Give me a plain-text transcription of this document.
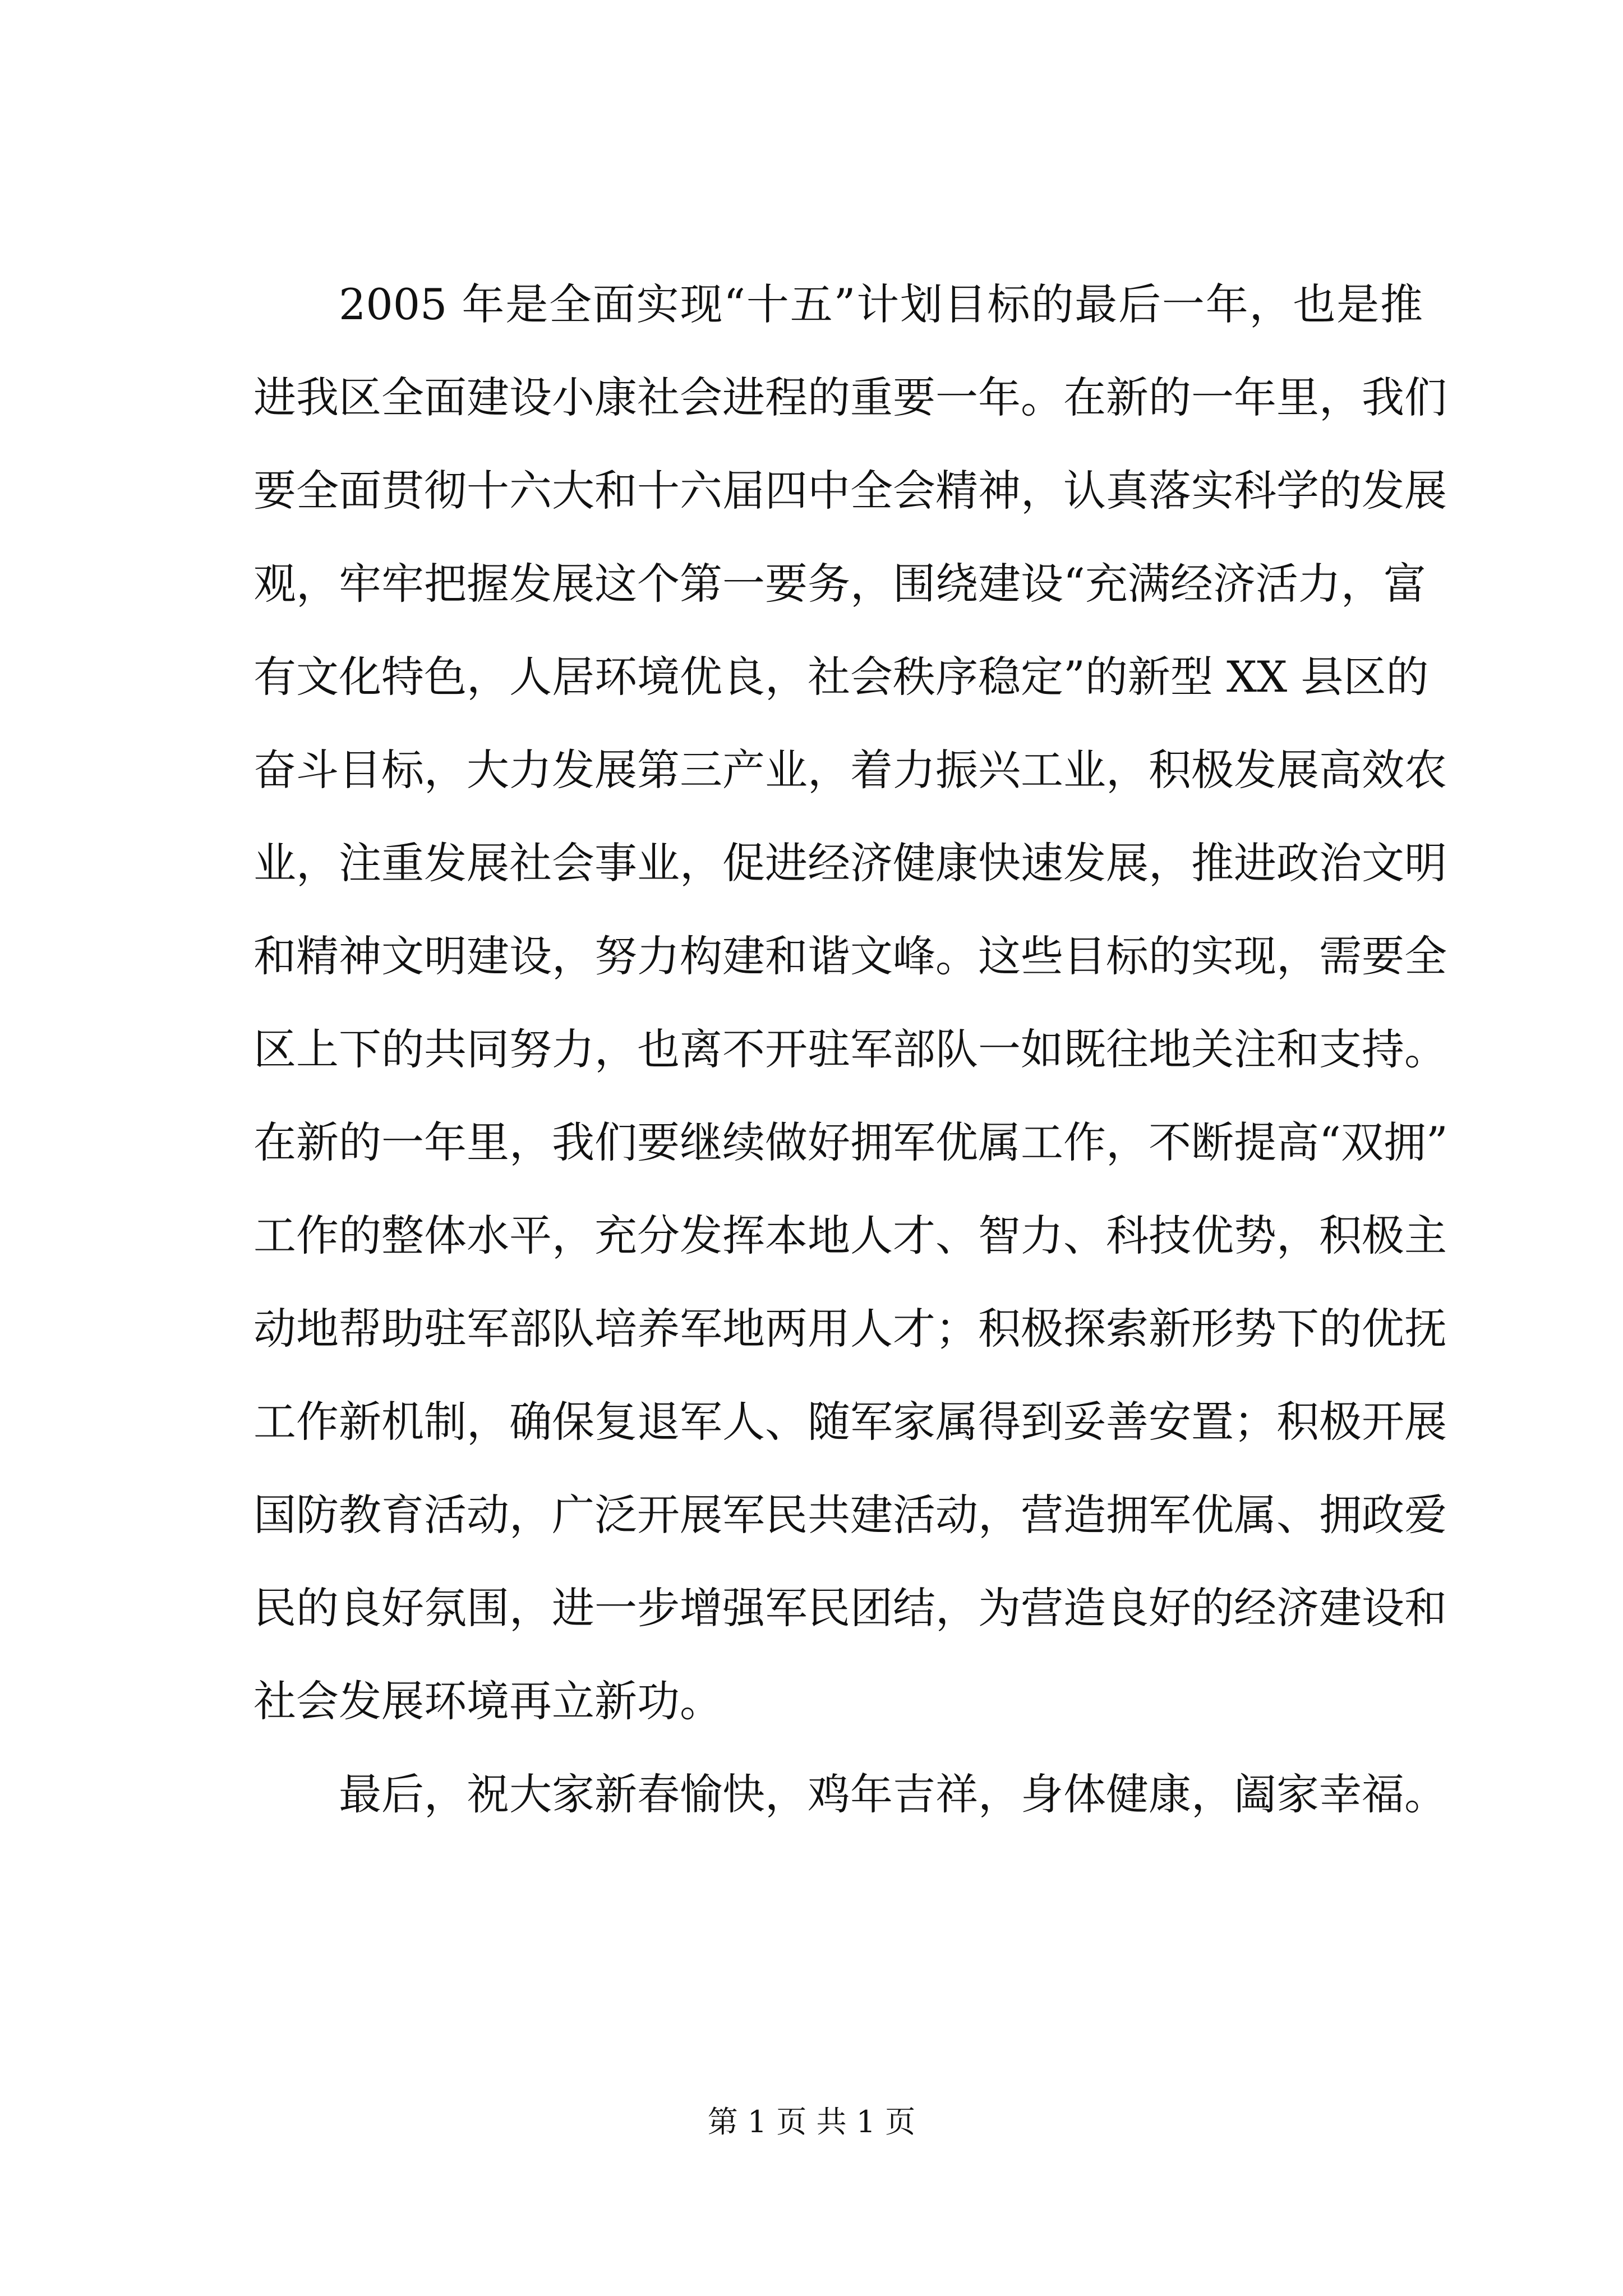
2005 年是全面实现“十五”计划目标的最后一年，也是推
进我区全面建设小康社会进程的重要一年。在新的一年里，我们
要全面贯彻十六大和十六届四中全会精神，认真落实科学的发展
观，牢牢把握发展这个第一要务，围绕建设“充满经济活力，富
有文化特色，人居环境优良，社会秩序稳定”的新型 XX 县区的
奋斗目标，大力发展第三产业，着力振兴工业，积极发展高效农
业，注重发展社会事业，促进经济健康快速发展，推进政治文明
和精神文明建设，努力构建和谐文峰。这些目标的实现，需要全
区上下的共同努力，也离不开驻军部队一如既往地关注和支持。
在新的一年里，我们要继续做好拥军优属工作，不断提高“双拥”
工作的整体水平，充分发挥本地人才、智力、科技优势，积极主
动地帮助驻军部队培养军地两用人才；积极探索新形势下的优抚
工作新机制，确保复退军人、随军家属得到妥善安置；积极开展
国防教育活动，广泛开展军民共建活动，营造拥军优属、拥政爱
民的良好氛围，进一步增强军民团结，为营造良好的经济建设和
社会发展环境再立新功。
最后，祝大家新春愉快，鸡年吉祥，身体健康，阖家幸福。
第 1 页 共 1 页
